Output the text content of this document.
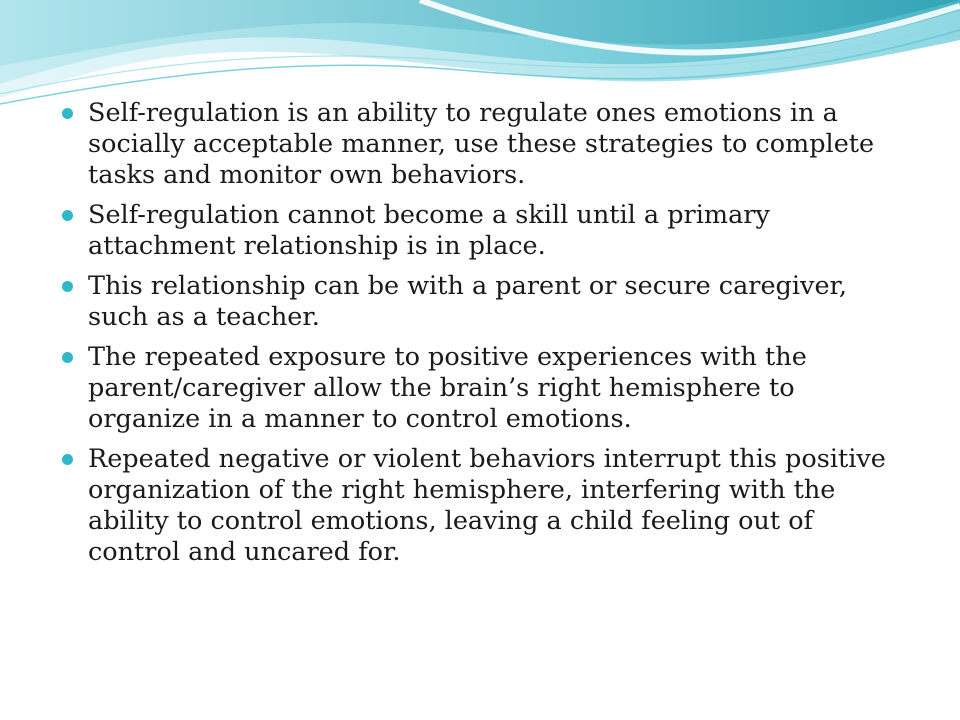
Self-regulation is an ability to regulate ones emotions in a socially acceptable manner, use these strategies to complete tasks and monitor own behaviors.
Self-regulation cannot become a skill until a primary attachment relationship is in place.
This relationship can be with a parent or secure caregiver, such as a teacher.
The repeated exposure to positive experiences with the parent/caregiver allow the brain’s right hemisphere to organize in a manner to control emotions.
Repeated negative or violent behaviors interrupt this positive organization of the right hemisphere, interfering with the ability to control emotions, leaving a child feeling out of control and uncared for.
